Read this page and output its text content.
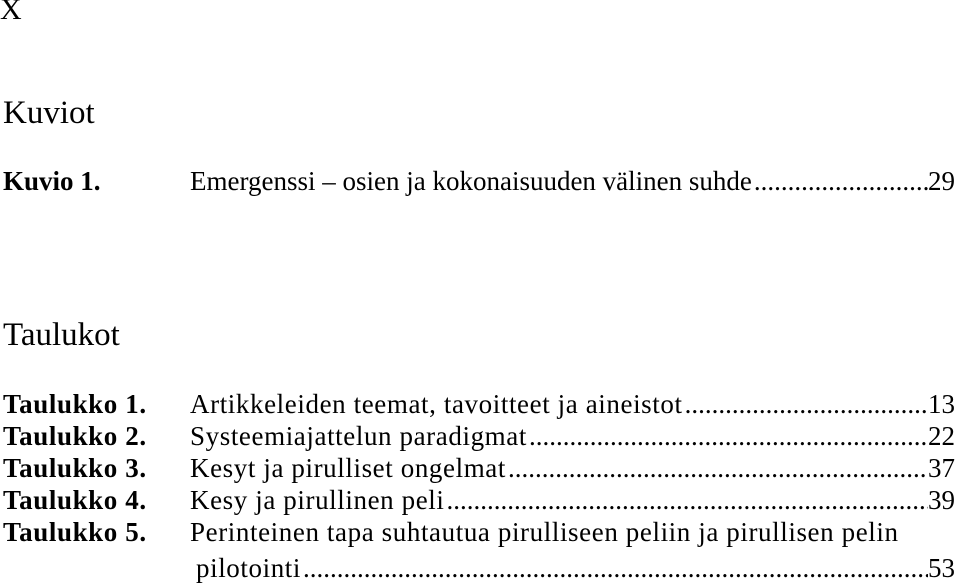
X
Kuviot
Kuvio 1.	Emergenssi – osien ja kokonaisuuden välinen suhde .....	29
Taulukot
Taulukko 1.	Artikkeleiden teemat, tavoitteet ja aineistot .....	13
Taulukko 2.	Systeemiajattelun paradigmat .....	22
Taulukko 3.	Kesyt ja pirulliset ongelmat .....	37
Taulukko 4.	Kesy ja pirullinen peli .....	39
Taulukko 5.	Perinteinen tapa suhtautua pirulliseen peliin ja pirullisen pelin
pilotointi .....	53
